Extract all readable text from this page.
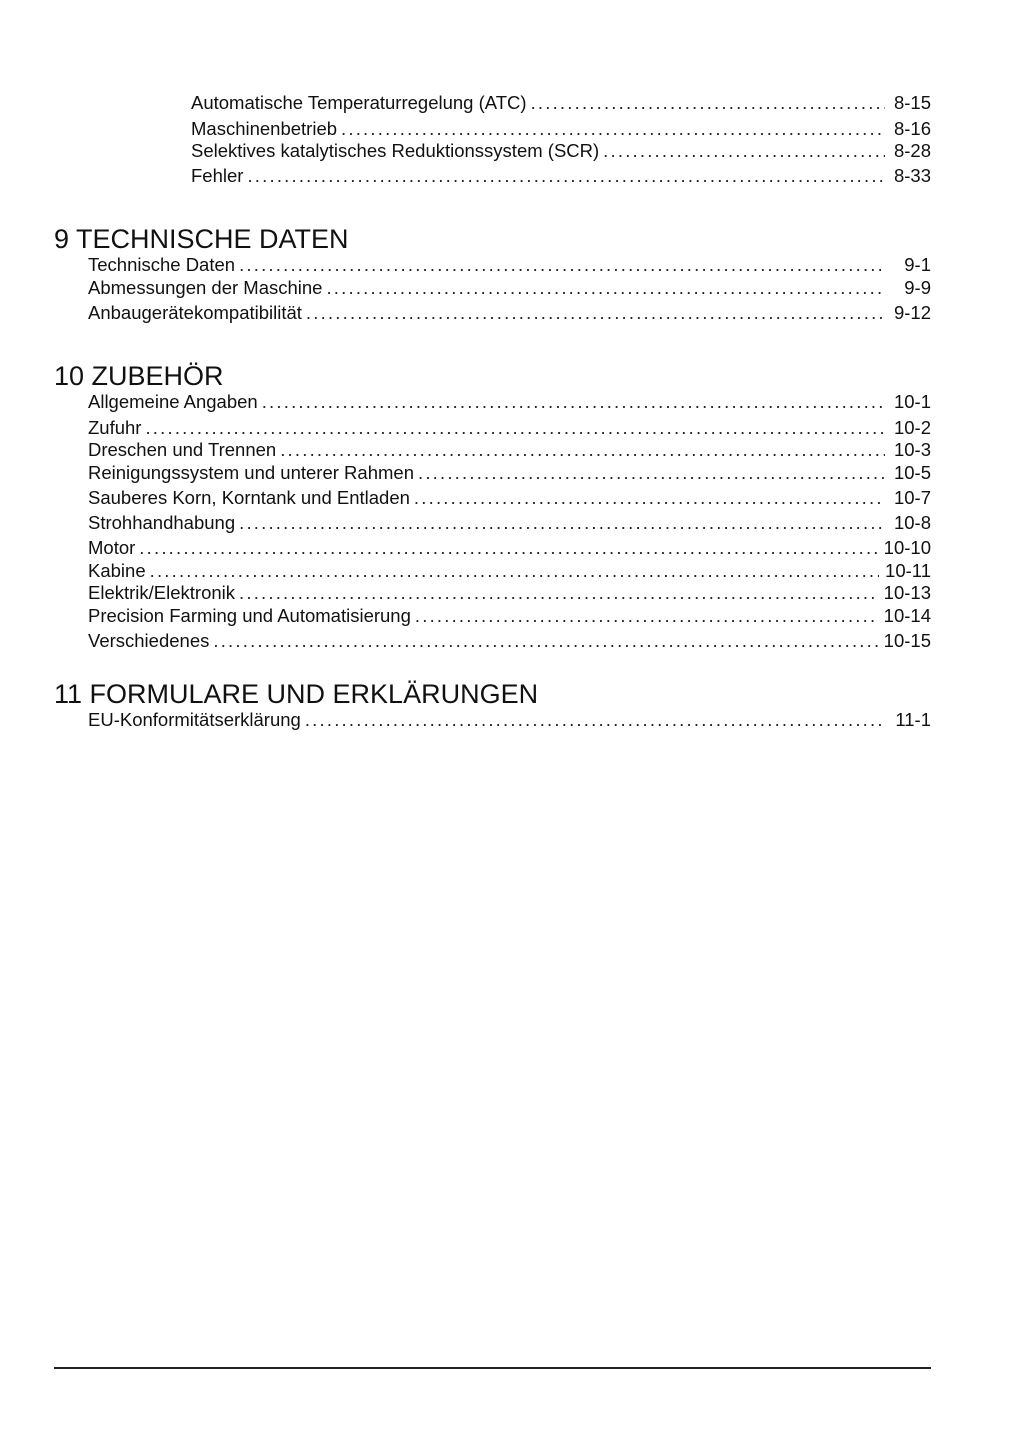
Automatische Temperaturregelung (ATC) .....	8-15
Maschinenbetrieb .....	8-16
Selektives katalytisches Reduktionssystem (SCR) .....	8-28
Fehler .....	8-33
9 TECHNISCHE DATEN
Technische Daten .....	9-1
Abmessungen der Maschine .....	9-9
Anbaugerätekompatibilität .....	9-12
10 ZUBEHÖR
Allgemeine Angaben .....	10-1
Zufuhr .....	10-2
Dreschen und Trennen .....	10-3
Reinigungssystem und unterer Rahmen .....	10-5
Sauberes Korn, Korntank und Entladen .....	10-7
Strohhandhabung .....	10-8
Motor .....	10-10
Kabine .....	10-11
Elektrik/Elektronik .....	10-13
Precision Farming und Automatisierung .....	10-14
Verschiedenes .....	10-15
11 FORMULARE UND ERKLÄRUNGEN
EU-Konformitätserklärung .....	11-1
